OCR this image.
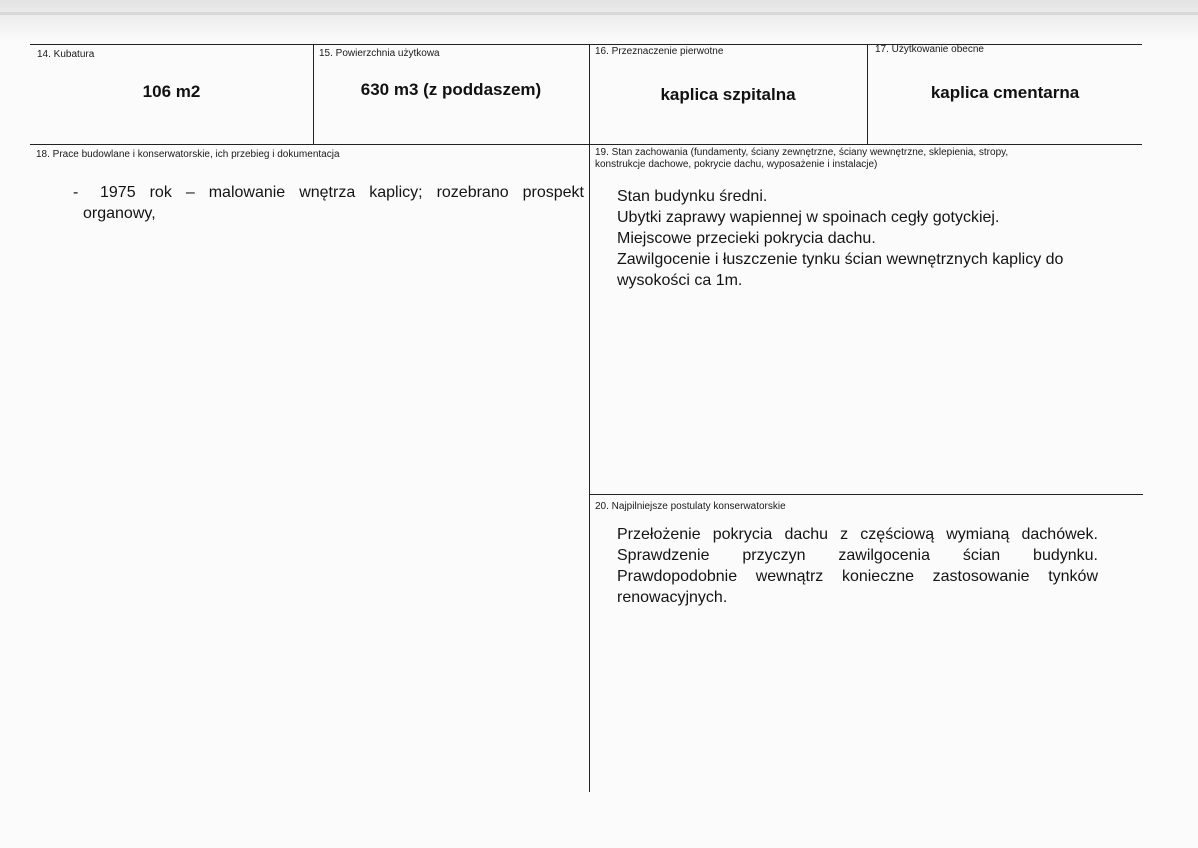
14. Kubatura
106 m2
15. Powierzchnia użytkowa
630 m3 (z poddaszem)
16. Przeznaczenie pierwotne
kaplica szpitalna
17. Użytkowanie obecne
kaplica cmentarna
18. Prace budowlane i konserwatorskie, ich przebieg i dokumentacja
- 1975 rok – malowanie wnętrza kaplicy; rozebrano prospekt
organowy,
19. Stan zachowania (fundamenty, ściany zewnętrzne, ściany wewnętrzne, sklepienia, stropy, konstrukcje dachowe, pokrycie dachu, wyposażenie i instalacje)

Stan budynku średni.

Ubytki zaprawy wapiennej w spoinach cegły gotyckiej.

Miejscowe przecieki pokrycia dachu.

Zawilgocenie i łuszczenie tynku ścian wewnętrznych kaplicy do

wysokości ca 1m.

20. Najpilniejsze postulaty konserwatorskie

Przełożenie pokrycia dachu z częściową wymianą dachówek.

Sprawdzenie przyczyn zawilgocenia ścian budynku.

Prawdopodobnie wewnątrz konieczne zastosowanie tynków

renowacyjnych.
